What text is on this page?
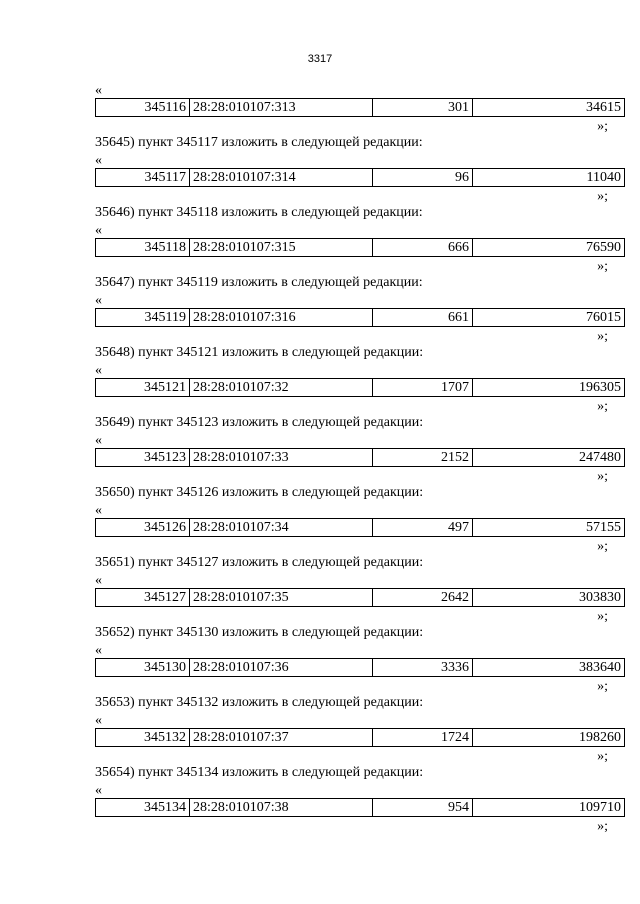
3317
«
345116	28:28:010107:313	301	34615
»;
35645) пункт 345117 изложить в следующей редакции:
«
345117	28:28:010107:314	96	11040
»;
35646) пункт 345118 изложить в следующей редакции:
«
345118	28:28:010107:315	666	76590
»;
35647) пункт 345119 изложить в следующей редакции:
«
345119	28:28:010107:316	661	76015
»;
35648) пункт 345121 изложить в следующей редакции:
«
345121	28:28:010107:32	1707	196305
»;
35649) пункт 345123 изложить в следующей редакции:
«
345123	28:28:010107:33	2152	247480
»;
35650) пункт 345126 изложить в следующей редакции:
«
345126	28:28:010107:34	497	57155
»;
35651) пункт 345127 изложить в следующей редакции:
«
345127	28:28:010107:35	2642	303830
»;
35652) пункт 345130 изложить в следующей редакции:
«
345130	28:28:010107:36	3336	383640
»;
35653) пункт 345132 изложить в следующей редакции:
«
345132	28:28:010107:37	1724	198260
»;
35654) пункт 345134 изложить в следующей редакции:
«
345134	28:28:010107:38	954	109710
»;
